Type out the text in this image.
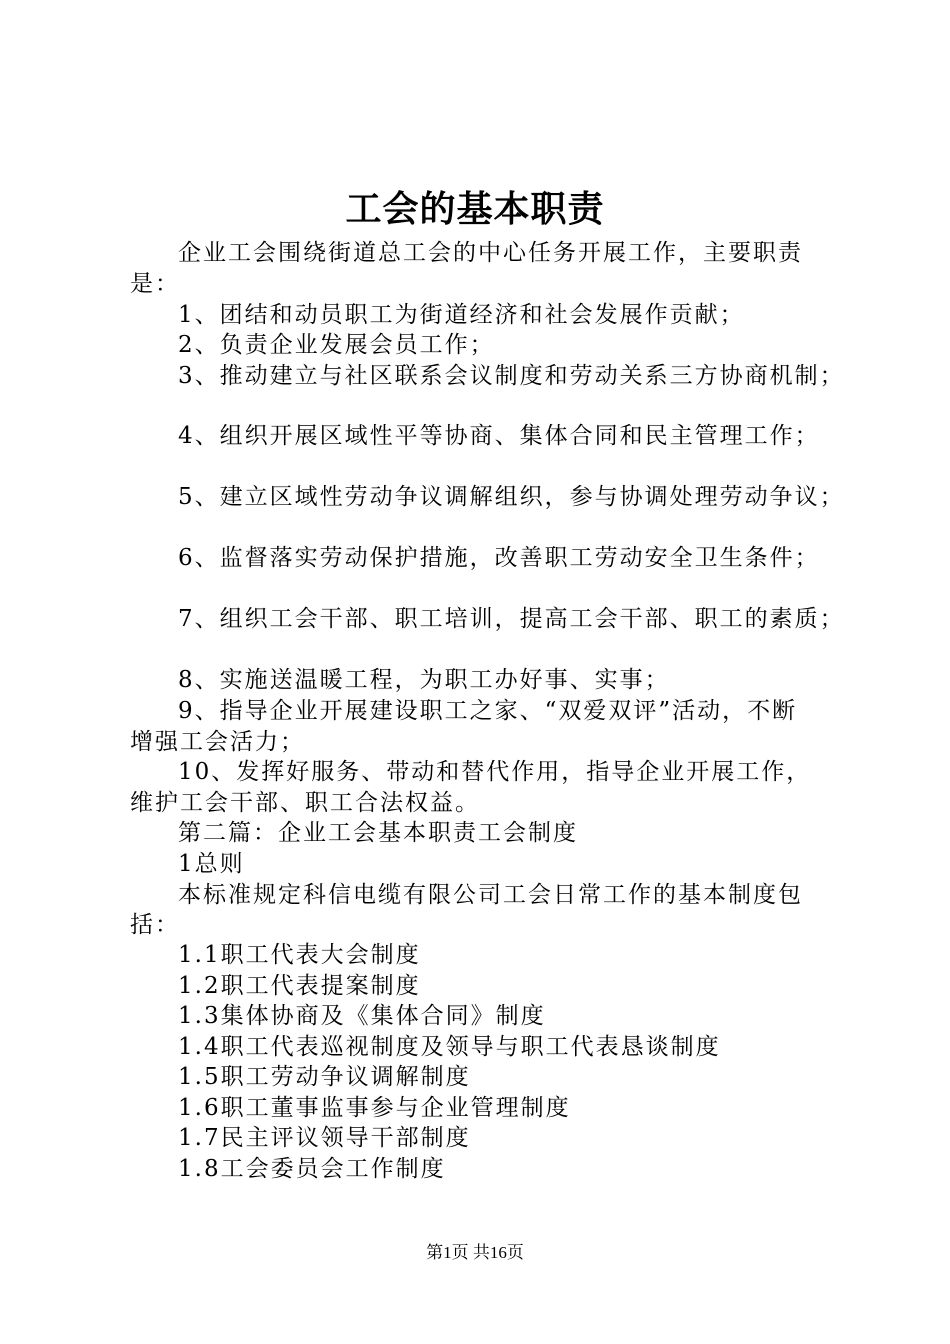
工会的基本职责
企业工会围绕街道总工会的中心任务开展工作，主要职责
是：
1、团结和动员职工为街道经济和社会发展作贡献；
2、负责企业发展会员工作；
3、推动建立与社区联系会议制度和劳动关系三方协商机制；
4、组织开展区域性平等协商、集体合同和民主管理工作；
5、建立区域性劳动争议调解组织，参与协调处理劳动争议；
6、监督落实劳动保护措施，改善职工劳动安全卫生条件；
7、组织工会干部、职工培训，提高工会干部、职工的素质；
8、实施送温暖工程，为职工办好事、实事；
9、指导企业开展建设职工之家、“双爱双评”活动，不断
增强工会活力；
10、发挥好服务、带动和替代作用，指导企业开展工作，
维护工会干部、职工合法权益。
第二篇：企业工会基本职责工会制度
1总则
本标准规定科信电缆有限公司工会日常工作的基本制度包
括：
1.1职工代表大会制度
1.2职工代表提案制度
1.3集体协商及《集体合同》制度
1.4职工代表巡视制度及领导与职工代表恳谈制度
1.5职工劳动争议调解制度
1.6职工董事监事参与企业管理制度
1.7民主评议领导干部制度
1.8工会委员会工作制度
第1页 共16页
